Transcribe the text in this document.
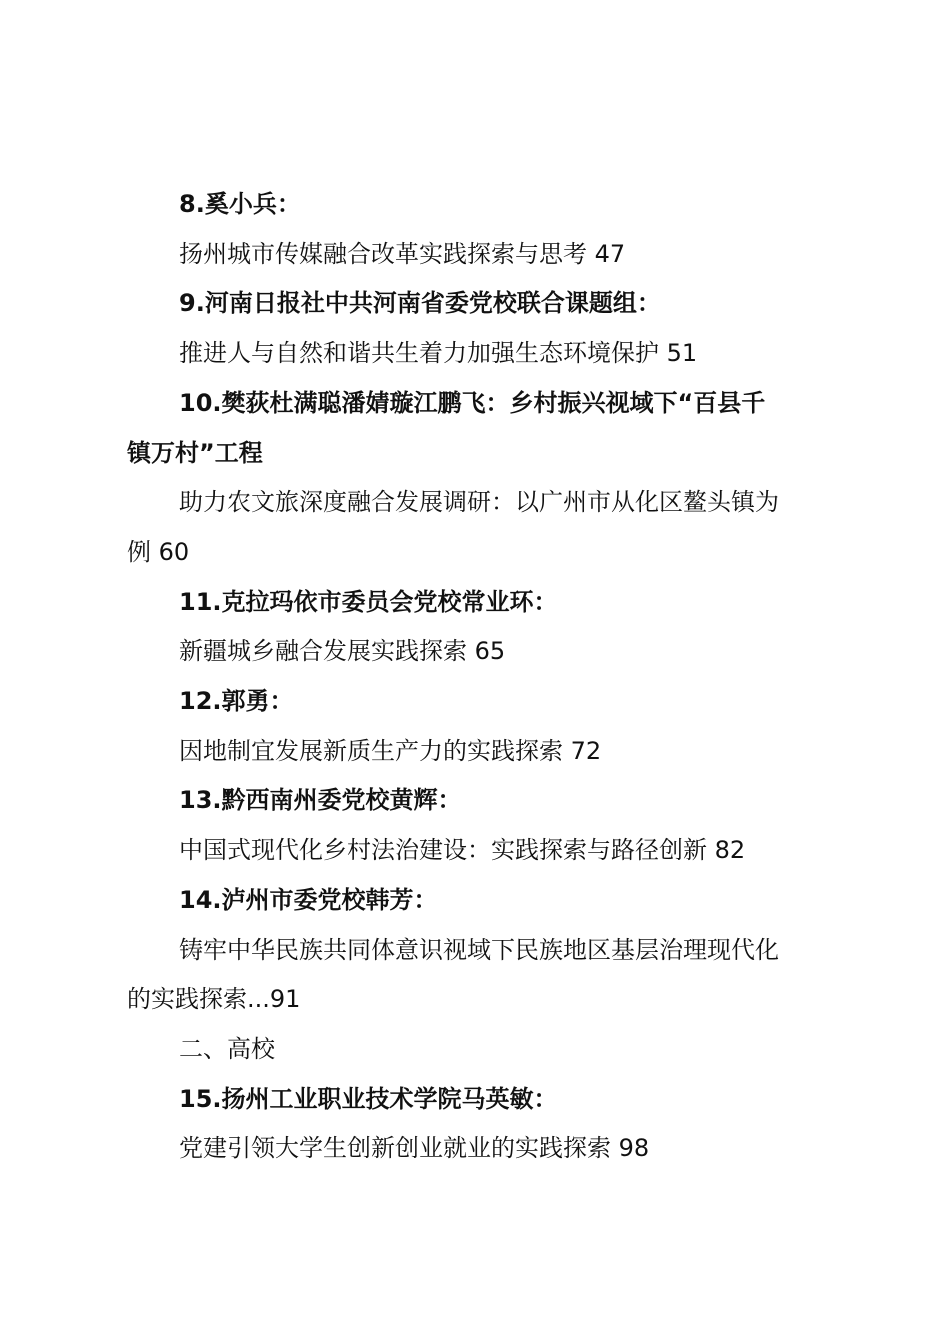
8.奚小兵：
扬州城市传媒融合改革实践探索与思考 47
9.河南日报社中共河南省委党校联合课题组：
推进人与自然和谐共生着力加强生态环境保护 51
10.樊荻杜满聪潘婧璇江鹏飞：乡村振兴视域下“百县千
镇万村”工程
助力农文旅深度融合发展调研：以广州市从化区鳌头镇为
例 60
11.克拉玛依市委员会党校常业环：
新疆城乡融合发展实践探索 65
12.郭勇：
因地制宜发展新质生产力的实践探索 72
13.黔西南州委党校黄辉：
中国式现代化乡村法治建设：实践探索与路径创新 82
14.泸州市委党校韩芳：
铸牢中华民族共同体意识视域下民族地区基层治理现代化
的实践探索...91
二、高校
15.扬州工业职业技术学院马英敏：
党建引领大学生创新创业就业的实践探索 98
